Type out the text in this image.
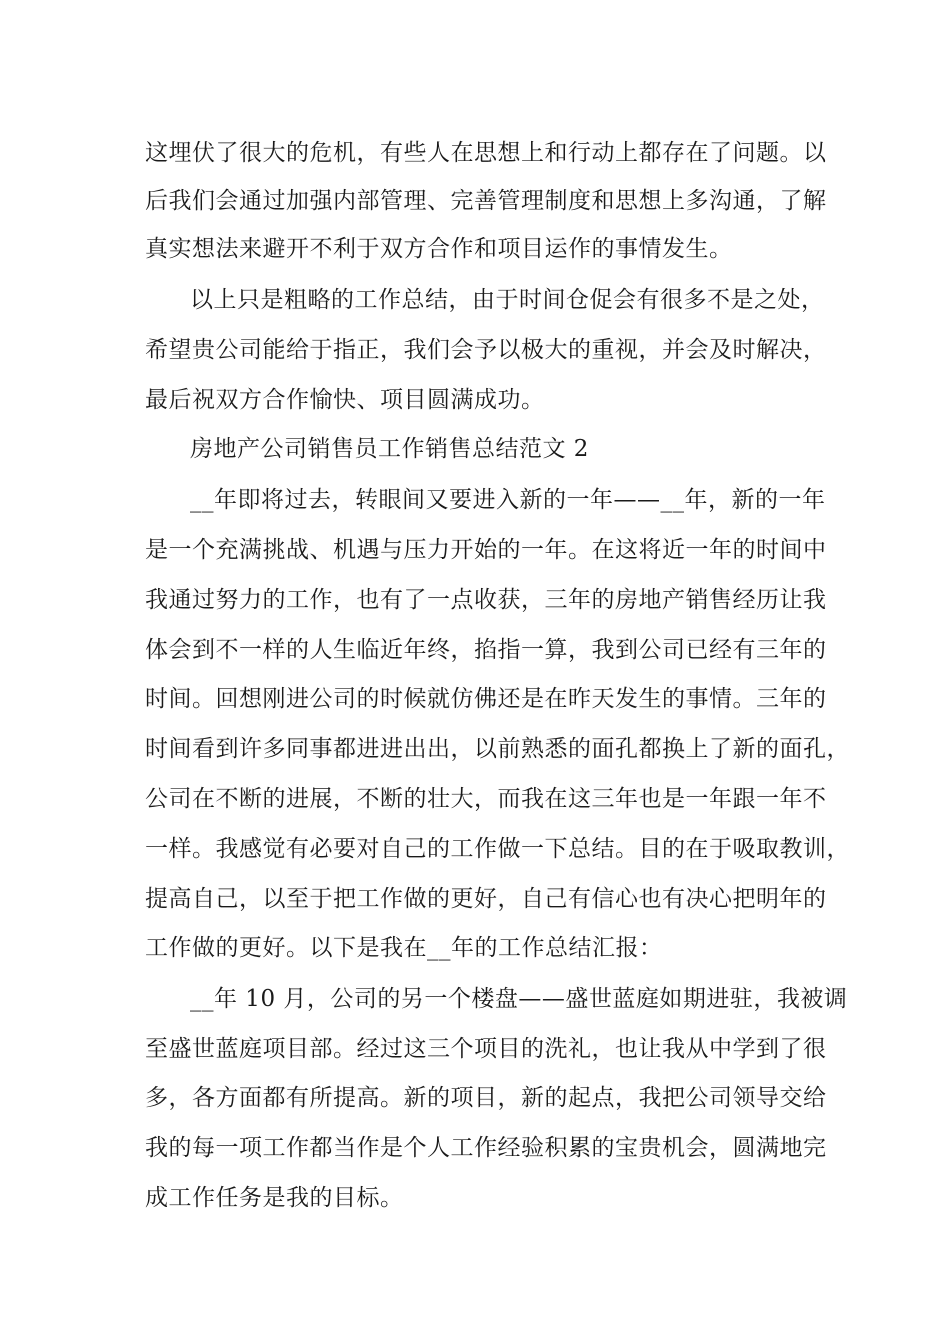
这埋伏了很大的危机，有些人在思想上和行动上都存在了问题。以
后我们会通过加强内部管理、完善管理制度和思想上多沟通，了解
真实想法来避开不利于双方合作和项目运作的事情发生。
以上只是粗略的工作总结，由于时间仓促会有很多不是之处，
希望贵公司能给于指正，我们会予以极大的重视，并会及时解决，
最后祝双方合作愉快、项目圆满成功。
房地产公司销售员工作销售总结范文 2
__年即将过去，转眼间又要进入新的一年——__年，新的一年
是一个充满挑战、机遇与压力开始的一年。在这将近一年的时间中
我通过努力的工作，也有了一点收获，三年的房地产销售经历让我
体会到不一样的人生临近年终，掐指一算，我到公司已经有三年的
时间。回想刚进公司的时候就仿佛还是在昨天发生的事情。三年的
时间看到许多同事都进进出出，以前熟悉的面孔都换上了新的面孔，
公司在不断的进展，不断的壮大，而我在这三年也是一年跟一年不
一样。我感觉有必要对自己的工作做一下总结。目的在于吸取教训，
提高自己，以至于把工作做的更好，自己有信心也有决心把明年的
工作做的更好。以下是我在__年的工作总结汇报：
__年 10 月，公司的另一个楼盘——盛世蓝庭如期进驻，我被调
至盛世蓝庭项目部。经过这三个项目的洗礼，也让我从中学到了很
多，各方面都有所提高。新的项目，新的起点，我把公司领导交给
我的每一项工作都当作是个人工作经验积累的宝贵机会，圆满地完
成工作任务是我的目标。
